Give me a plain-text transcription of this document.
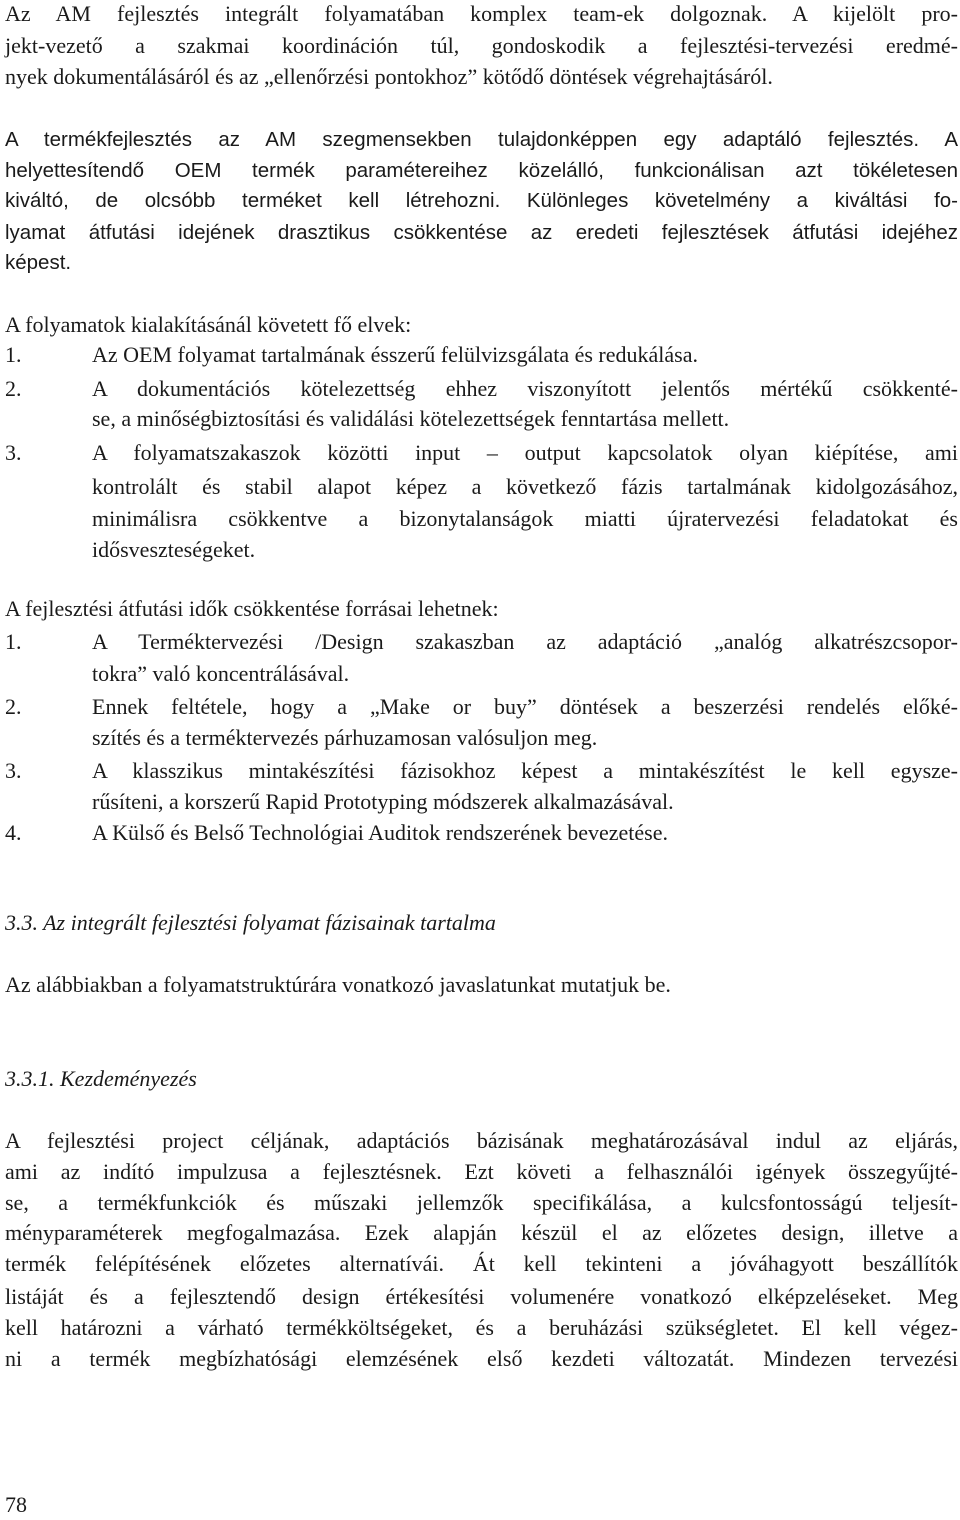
Az AM fejlesztés integrált folyamatában komplex team-ek dolgoznak. A kijelölt pro-
jekt-vezető a szakmai koordináción túl, gondoskodik a fejlesztési-tervezési eredmé-
nyek dokumentálásáról és az „ellenőrzési pontokhoz” kötődő döntések végrehajtásáról.
A termékfejlesztés az AM szegmensekben tulajdonképpen egy adaptáló fejlesztés. A
helyettesítendő OEM termék paramétereihez közelálló, funkcionálisan azt tökéletesen
kiváltó, de olcsóbb terméket kell létrehozni. Különleges követelmény a kiváltási fo-
lyamat átfutási idejének drasztikus csökkentése az eredeti fejlesztések átfutási idejéhez
képest.
A folyamatok kialakításánál követett fő elvek:
1.	Az OEM folyamat tartalmának ésszerű felülvizsgálata és redukálása.
2.	A dokumentációs kötelezettség ehhez viszonyított jelentős mértékű csökkenté-
se, a minőségbiztosítási és validálási kötelezettségek fenntartása mellett.
3.	A folyamatszakaszok közötti input – output kapcsolatok olyan kiépítése, ami
kontrolált és stabil alapot képez a következő fázis tartalmának kidolgozásához,
minimálisra csökkentve a bizonytalanságok miatti újratervezési feladatokat és
idősveszteségeket.
A fejlesztési átfutási idők csökkentése forrásai lehetnek:
1.	A Terméktervezési /Design szakaszban az adaptáció „analóg alkatrészcsopor-
tokra” való koncentrálásával.
2.	Ennek feltétele, hogy a „Make or buy” döntések a beszerzési rendelés előké-
szítés és a terméktervezés párhuzamosan valósuljon meg.
3.	A klasszikus mintakészítési fázisokhoz képest a mintakészítést le kell egysze-
rűsíteni, a korszerű Rapid Prototyping módszerek alkalmazásával.
4.	A Külső és Belső Technológiai Auditok rendszerének bevezetése.
3.3. Az integrált fejlesztési folyamat fázisainak tartalma
Az alábbiakban a folyamatstruktúrára vonatkozó javaslatunkat mutatjuk be.
3.3.1. Kezdeményezés
A fejlesztési project céljának, adaptációs bázisának meghatározásával indul az eljárás,
ami az indító impulzusa a fejlesztésnek. Ezt követi a felhasználói igények összegyűjté-
se, a termékfunkciók és műszaki jellemzők specifikálása, a kulcsfontosságú teljesít-
ményparaméterek megfogalmazása. Ezek alapján készül el az előzetes design, illetve a
termék felépítésének előzetes alternatívái. Át kell tekinteni a jóváhagyott beszállítók
listáját és a fejlesztendő design értékesítési volumenére vonatkozó elképzeléseket. Meg
kell határozni a várható termékköltségeket, és a beruházási szükségletet. El kell végez-
ni a termék megbízhatósági elemzésének első kezdeti változatát. Mindezen tervezési
78
